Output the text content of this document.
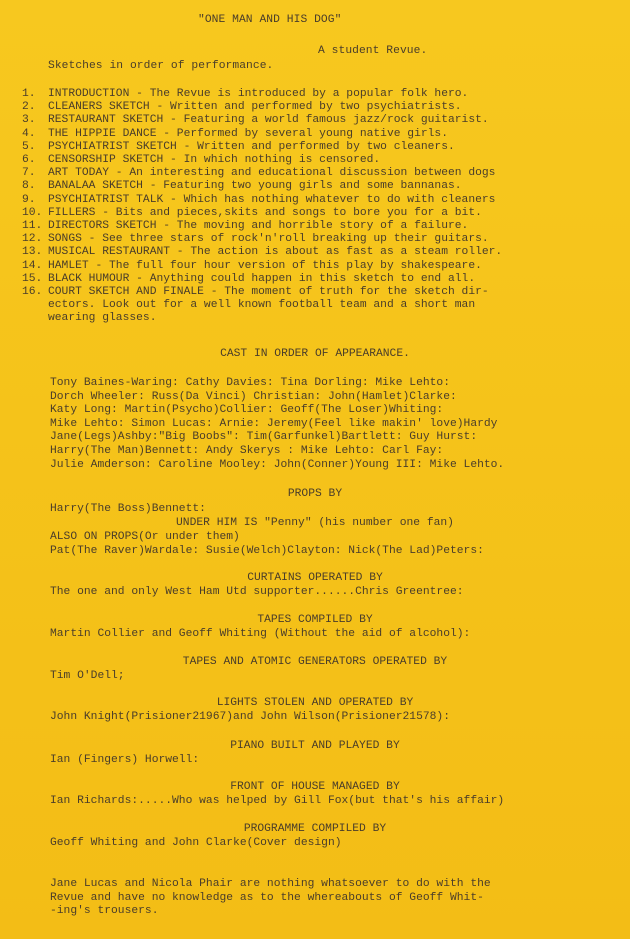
"ONE MAN AND HIS DOG"
A student Revue.
Sketches in order of performance.
1. INTRODUCTION - The Revue is introduced by a popular folk hero.
2. CLEANERS SKETCH - Written and performed by two psychiatrists.
3. RESTAURANT SKETCH - Featuring a world famous jazz/rock guitarist.
4. THE HIPPIE DANCE - Performed by several young native girls.
5. PSYCHIATRIST SKETCH - Written and performed by two cleaners.
6. CENSORSHIP SKETCH - In which nothing is censored.
7. ART TODAY - An interesting and educational discussion between dogs
8. BANALAA SKETCH - Featuring two young girls and some bannanas.
9. PSYCHIATRIST TALK - Which has nothing whatever to do with cleaners
10. FILLERS - Bits and pieces,skits and songs to bore you for a bit.
11. DIRECTORS SKETCH - The moving and horrible story of a failure.
12. SONGS - See three stars of rock'n'roll breaking up their guitars.
13. MUSICAL RESTAURANT - The action is about as fast as a steam roller.
14. HAMLET - The full four hour version of this play by shakespeare.
15. BLACK HUMOUR - Anything could happen in this sketch to end all.
16. COURT SKETCH AND FINALE - The moment of truth for the sketch dir-
ectors. Look out for a well known football team and a short man
wearing glasses.
CAST IN ORDER OF APPEARANCE.
Tony Baines-Waring: Cathy Davies: Tina Dorling: Mike Lehto:
Dorch Wheeler: Russ(Da Vinci) Christian: John(Hamlet)Clarke:
Katy Long: Martin(Psycho)Collier: Geoff(The Loser)Whiting:
Mike Lehto: Simon Lucas: Arnie: Jeremy(Feel like makin' love)Hardy
Jane(Legs)Ashby:"Big Boobs": Tim(Garfunkel)Bartlett: Guy Hurst:
Harry(The Man)Bennett: Andy Skerys : Mike Lehto: Carl Fay:
Julie Amderson: Caroline Mooley: John(Conner)Young III: Mike Lehto.
PROPS BY
Harry(The Boss)Bennett:
UNDER HIM IS "Penny" (his number one fan)
ALSO ON PROPS(Or under them)
Pat(The Raver)Wardale: Susie(Welch)Clayton: Nick(The Lad)Peters:
CURTAINS OPERATED BY
The one and only West Ham Utd supporter......Chris Greentree:
TAPES COMPILED BY
Martin Collier and Geoff Whiting (Without the aid of alcohol):
TAPES AND ATOMIC GENERATORS OPERATED BY
Tim O'Dell;
LIGHTS STOLEN AND OPERATED BY
John Knight(Prisioner21967)and John Wilson(Prisioner21578):
PIANO BUILT AND PLAYED BY
Ian (Fingers) Horwell:
FRONT OF HOUSE MANAGED BY
Ian Richards:.....Who was helped by Gill Fox(but that's his affair)
PROGRAMME COMPILED BY
Geoff Whiting and John Clarke(Cover design)
Jane Lucas and Nicola Phair are nothing whatsoever to do with the
Revue and have no knowledge as to the whereabouts of Geoff Whit-
-ing's trousers.
